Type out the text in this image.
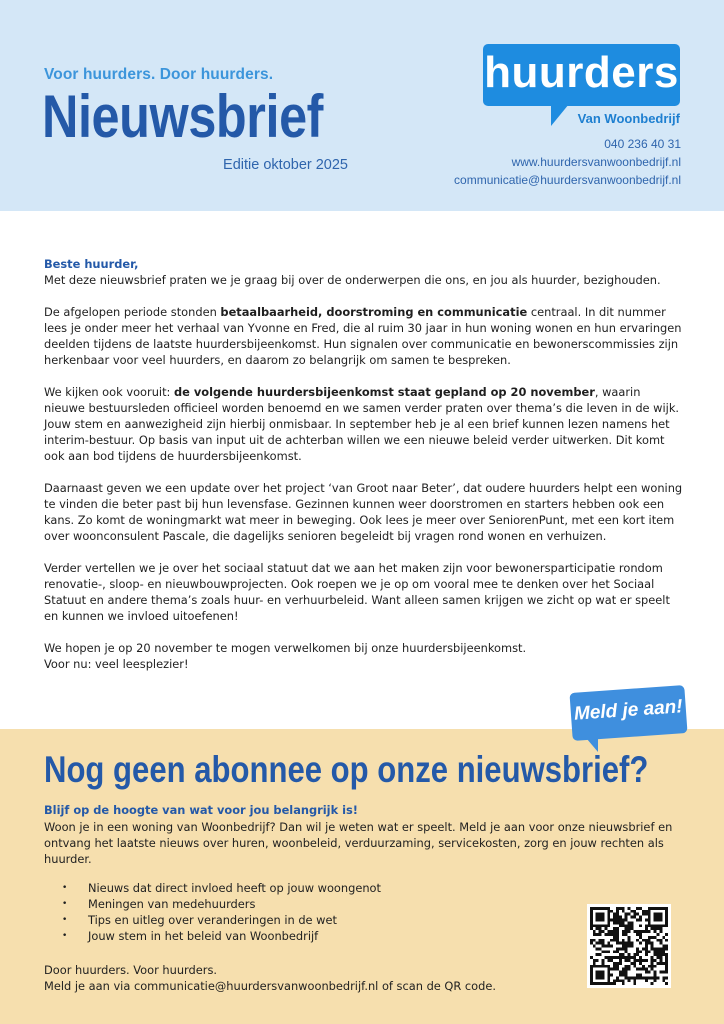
Voor huurders. Door huurders.
Nieuwsbrief
Editie oktober 2025
huurders
Van Woonbedrijf
040 236 40 31
www.huurdersvanwoonbedrijf.nl
communicatie@huurdersvanwoonbedrijf.nl

Beste huurder,
Met deze nieuwsbrief praten we je graag bij over de onderwerpen die ons, en jou als huurder, bezighouden.

De afgelopen periode stonden betaalbaarheid, doorstroming en communicatie centraal. In dit nummer lees je onder meer het verhaal van Yvonne en Fred, die al ruim 30 jaar in hun woning wonen en hun ervaringen deelden tijdens de laatste huurdersbijeenkomst. Hun signalen over communicatie en bewonerscommissies zijn herkenbaar voor veel huurders, en daarom zo belangrijk om samen te bespreken.

We kijken ook vooruit: de volgende huurdersbijeenkomst staat gepland op 20 november, waarin nieuwe bestuursleden officieel worden benoemd en we samen verder praten over thema’s die leven in de wijk. Jouw stem en aanwezigheid zijn hierbij onmisbaar. In september heb je al een brief kunnen lezen namens het interim-bestuur. Op basis van input uit de achterban willen we een nieuwe beleid verder uitwerken. Dit komt ook aan bod tijdens de huurdersbijeenkomst.

Daarnaast geven we een update over het project ‘van Groot naar Beter’, dat oudere huurders helpt een woning te vinden die beter past bij hun levensfase. Gezinnen kunnen weer doorstromen en starters hebben ook een kans. Zo komt de woningmarkt wat meer in beweging. Ook lees je meer over SeniorenPunt, met een kort item over woonconsulent Pascale, die dagelijks senioren begeleidt bij vragen rond wonen en verhuizen.

Verder vertellen we je over het sociaal statuut dat we aan het maken zijn voor bewonersparticipatie rondom renovatie-, sloop- en nieuwbouwprojecten. Ook roepen we je op om vooral mee te denken over het Sociaal Statuut en andere thema’s zoals huur- en verhuurbeleid. Want alleen samen krijgen we zicht op wat er speelt en kunnen we invloed uitoefenen!

We hopen je op 20 november te mogen verwelkomen bij onze huurdersbijeenkomst.
Voor nu: veel leesplezier!

Meld je aan!
Nog geen abonnee op onze nieuwsbrief?
Blijf op de hoogte van wat voor jou belangrijk is!
Woon je in een woning van Woonbedrijf? Dan wil je weten wat er speelt. Meld je aan voor onze nieuwsbrief en ontvang het laatste nieuws over huren, woonbeleid, verduurzaming, servicekosten, zorg en jouw rechten als huurder.
• Nieuws dat direct invloed heeft op jouw woongenot
• Meningen van medehuurders
• Tips en uitleg over veranderingen in de wet
• Jouw stem in het beleid van Woonbedrijf
Door huurders. Voor huurders.
Meld je aan via communicatie@huurdersvanwoonbedrijf.nl of scan de QR code.
